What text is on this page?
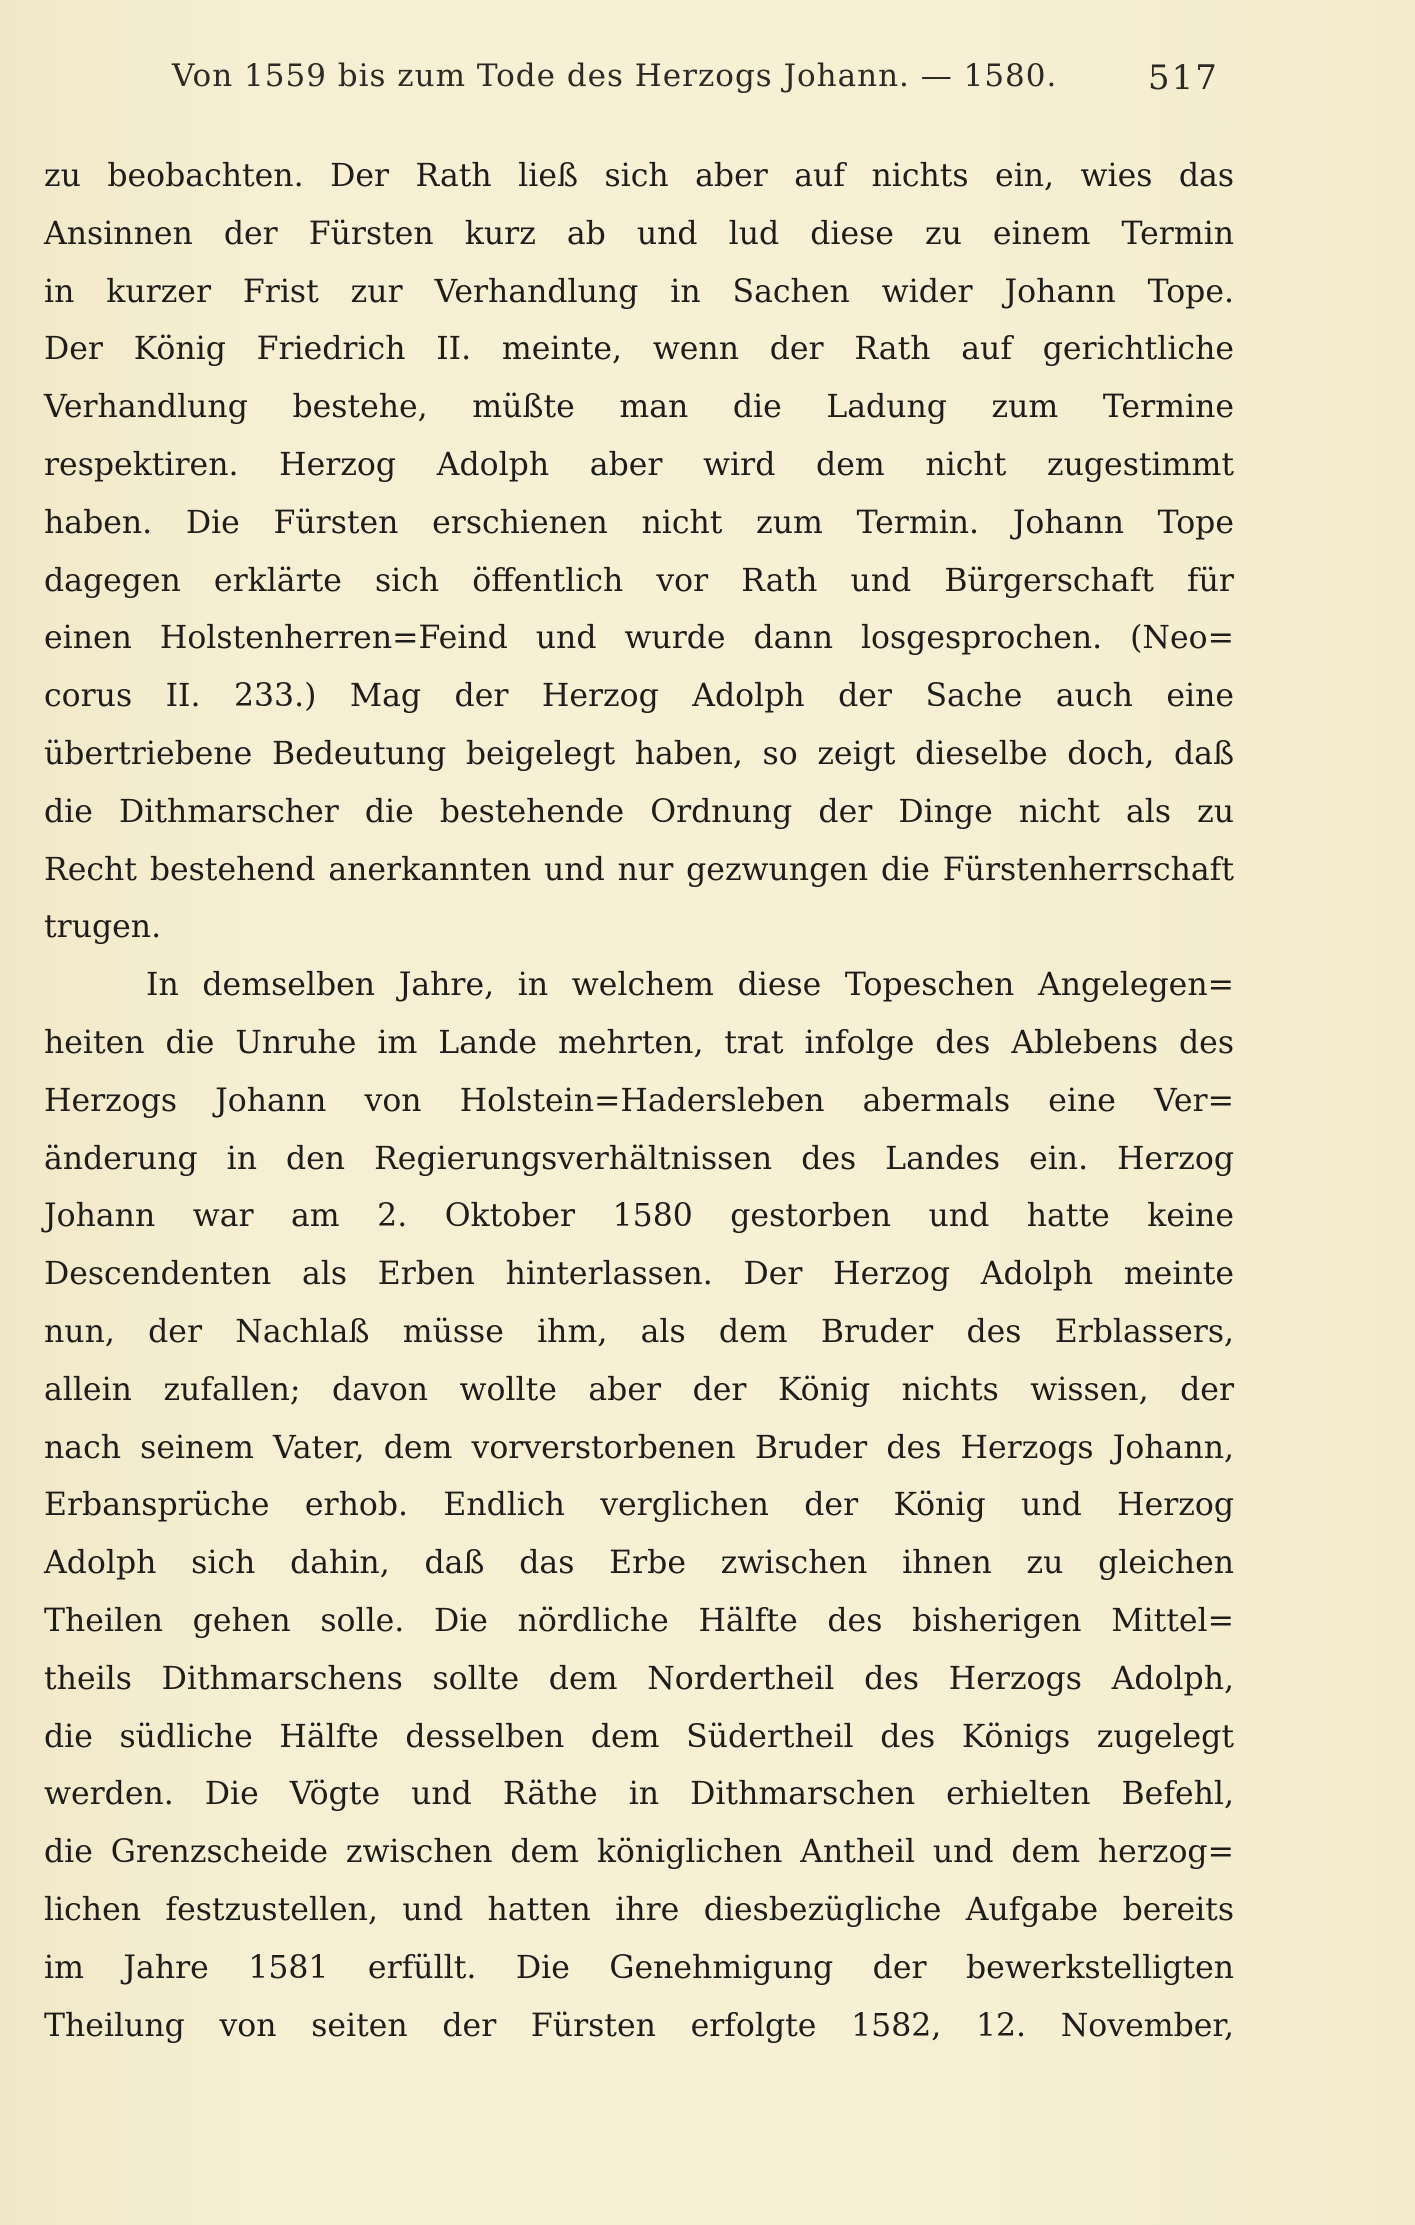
Von 1559 bis zum Tode des Herzogs Johann. — 1580.	517
zu beobachten. Der Rath ließ sich aber auf nichts ein, wies das
Ansinnen der Fürsten kurz ab und lud diese zu einem Termin
in kurzer Frist zur Verhandlung in Sachen wider Johann Tope.
Der König Friedrich II. meinte, wenn der Rath auf gerichtliche
Verhandlung bestehe, müßte man die Ladung zum Termine
respektiren. Herzog Adolph aber wird dem nicht zugestimmt
haben. Die Fürsten erschienen nicht zum Termin. Johann Tope
dagegen erklärte sich öffentlich vor Rath und Bürgerschaft für
einen Holstenherren=Feind und wurde dann losgesprochen. (Neo=
corus II. 233.) Mag der Herzog Adolph der Sache auch eine
übertriebene Bedeutung beigelegt haben, so zeigt dieselbe doch, daß
die Dithmarscher die bestehende Ordnung der Dinge nicht als zu
Recht bestehend anerkannten und nur gezwungen die Fürstenherrschaft
trugen.
In demselben Jahre, in welchem diese Topeschen Angelegen=
heiten die Unruhe im Lande mehrten, trat infolge des Ablebens des
Herzogs Johann von Holstein=Hadersleben abermals eine Ver=
änderung in den Regierungsverhältnissen des Landes ein. Herzog
Johann war am 2. Oktober 1580 gestorben und hatte keine
Descendenten als Erben hinterlassen. Der Herzog Adolph meinte
nun, der Nachlaß müsse ihm, als dem Bruder des Erblassers,
allein zufallen; davon wollte aber der König nichts wissen, der
nach seinem Vater, dem vorverstorbenen Bruder des Herzogs Johann,
Erbansprüche erhob. Endlich verglichen der König und Herzog
Adolph sich dahin, daß das Erbe zwischen ihnen zu gleichen
Theilen gehen solle. Die nördliche Hälfte des bisherigen Mittel=
theils Dithmarschens sollte dem Nordertheil des Herzogs Adolph,
die südliche Hälfte desselben dem Südertheil des Königs zugelegt
werden. Die Vögte und Räthe in Dithmarschen erhielten Befehl,
die Grenzscheide zwischen dem königlichen Antheil und dem herzog=
lichen festzustellen, und hatten ihre diesbezügliche Aufgabe bereits
im Jahre 1581 erfüllt. Die Genehmigung der bewerkstelligten
Theilung von seiten der Fürsten erfolgte 1582, 12. November,
